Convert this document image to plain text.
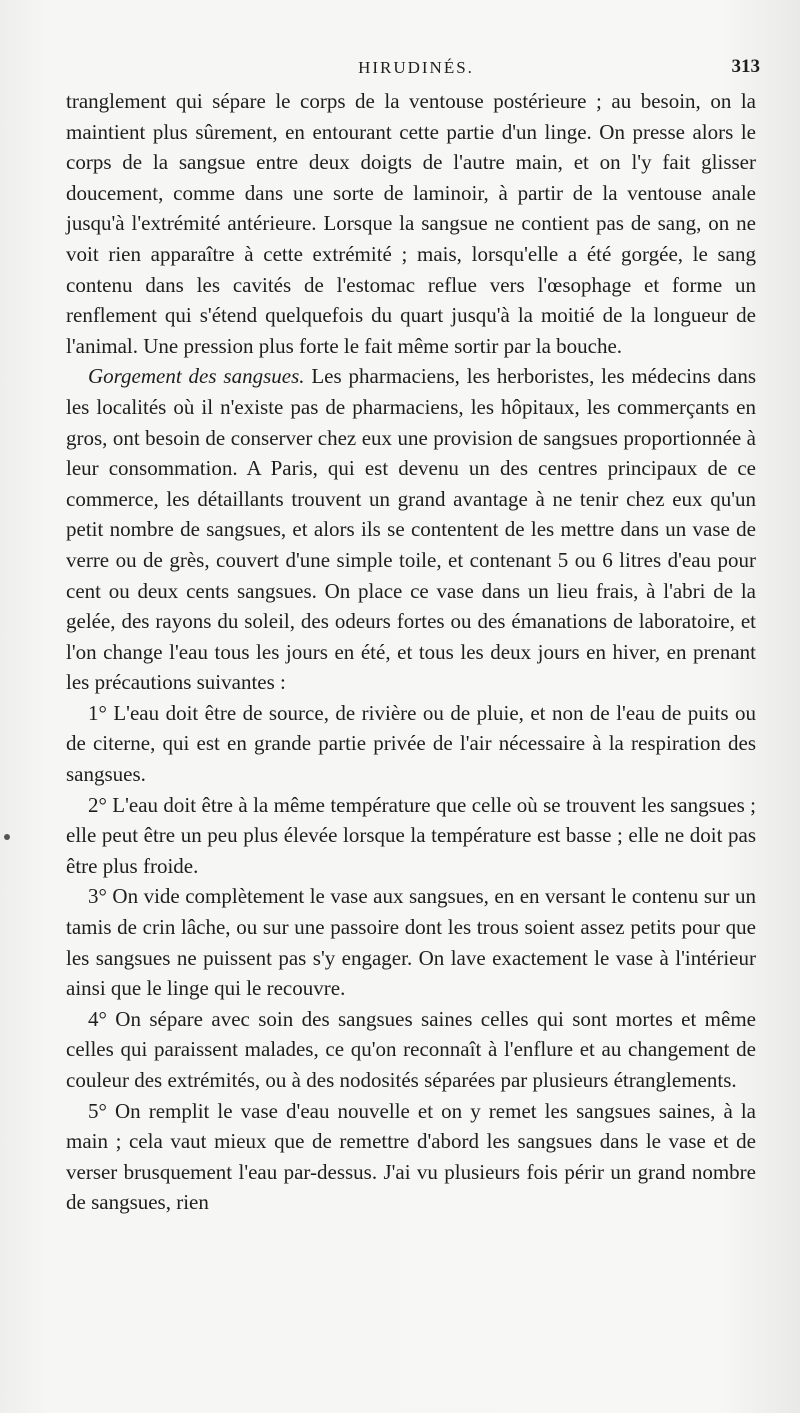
HIRUDINÉS.	313

tranglement qui sépare le corps de la ventouse postérieure ; au besoin, on la maintient plus sûrement, en entourant cette partie d'un linge. On presse alors le corps de la sangsue entre deux doigts de l'autre main, et on l'y fait glisser doucement, comme dans une sorte de laminoir, à partir de la ventouse anale jusqu'à l'extrémité antérieure. Lorsque la sangsue ne contient pas de sang, on ne voit rien apparaître à cette extrémité ; mais, lorsqu'elle a été gorgée, le sang contenu dans les cavités de l'estomac reflue vers l'œsophage et forme un renflement qui s'étend quelquefois du quart jusqu'à la moitié de la longueur de l'animal. Une pression plus forte le fait même sortir par la bouche.

Gorgement des sangsues. Les pharmaciens, les herboristes, les médecins dans les localités où il n'existe pas de pharmaciens, les hôpitaux, les commerçants en gros, ont besoin de conserver chez eux une provision de sangsues proportionnée à leur consommation. A Paris, qui est devenu un des centres principaux de ce commerce, les détaillants trouvent un grand avantage à ne tenir chez eux qu'un petit nombre de sangsues, et alors ils se contentent de les mettre dans un vase de verre ou de grès, couvert d'une simple toile, et contenant 5 ou 6 litres d'eau pour cent ou deux cents sangsues. On place ce vase dans un lieu frais, à l'abri de la gelée, des rayons du soleil, des odeurs fortes ou des émanations de laboratoire, et l'on change l'eau tous les jours en été, et tous les deux jours en hiver, en prenant les précautions suivantes :

1° L'eau doit être de source, de rivière ou de pluie, et non de l'eau de puits ou de citerne, qui est en grande partie privée de l'air nécessaire à la respiration des sangsues.

2° L'eau doit être à la même température que celle où se trouvent les sangsues ; elle peut être un peu plus élevée lorsque la température est basse ; elle ne doit pas être plus froide.

3° On vide complètement le vase aux sangsues, en en versant le contenu sur un tamis de crin lâche, ou sur une passoire dont les trous soient assez petits pour que les sangsues ne puissent pas s'y engager. On lave exactement le vase à l'intérieur ainsi que le linge qui le recouvre.

4° On sépare avec soin des sangsues saines celles qui sont mortes et même celles qui paraissent malades, ce qu'on reconnaît à l'enflure et au changement de couleur des extrémités, ou à des nodosités séparées par plusieurs étranglements.

5° On remplit le vase d'eau nouvelle et on y remet les sangsues saines, à la main ; cela vaut mieux que de remettre d'abord les sangsues dans le vase et de verser brusquement l'eau par-dessus. J'ai vu plusieurs fois périr un grand nombre de sangsues, rien
